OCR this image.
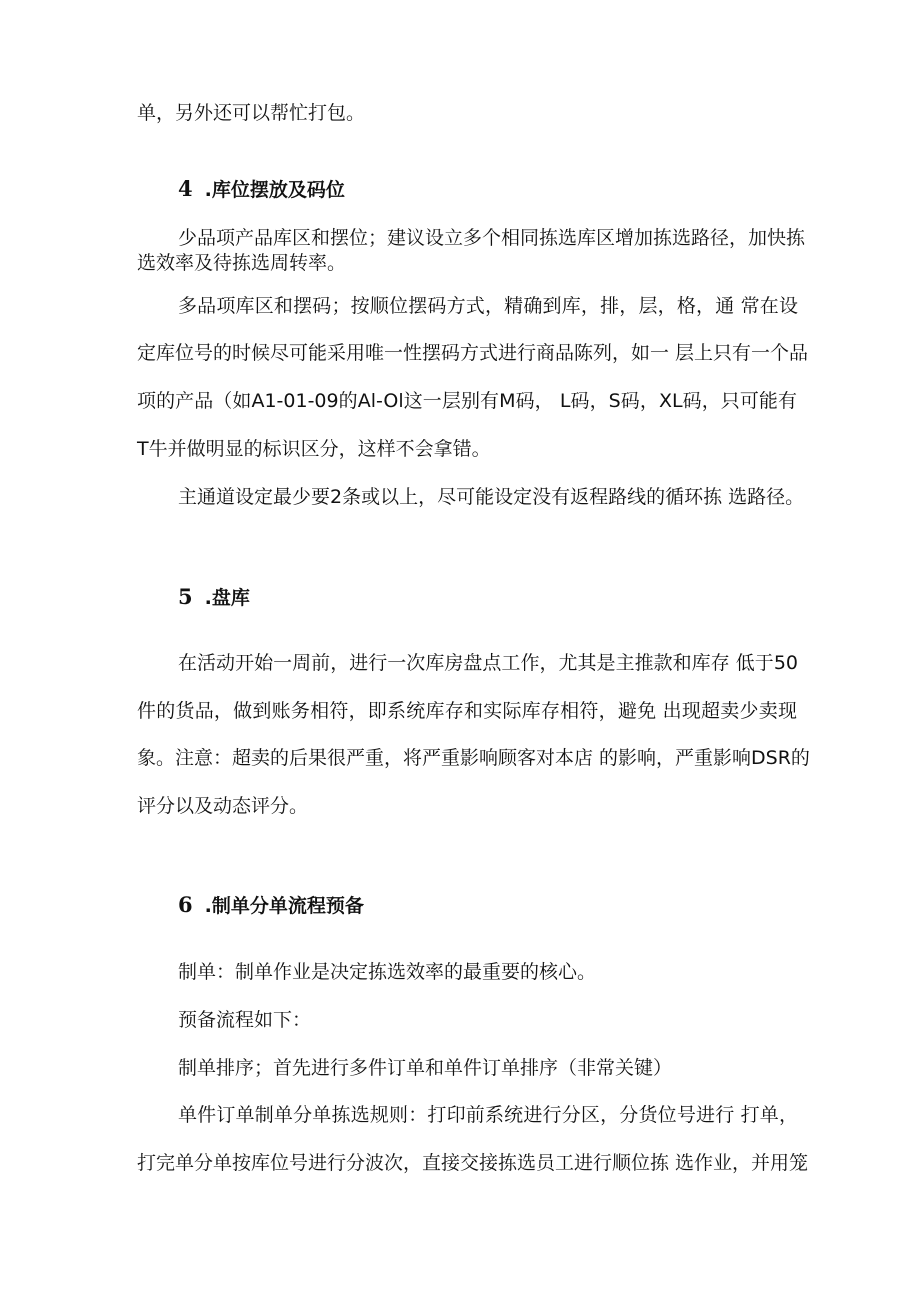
单，另外还可以帮忙打包。
4 .库位摆放及码位
少品项产品库区和摆位；建议设立多个相同拣选库区增加拣选路径，加快拣
选效率及待拣选周转率。
多品项库区和摆码；按顺位摆码方式，精确到库，排，层，格，通 常在设
定库位号的时候尽可能采用唯一性摆码方式进行商品陈列，如一 层上只有一个品
项的产品（如A1-01-09的Al-Ol这一层别有M码， L码，S码，XL码，只可能有
T牛并做明显的标识区分，这样不会拿错。
主通道设定最少要2条或以上，尽可能设定没有返程路线的循环拣 选路径。
5 .盘库
在活动开始一周前，进行一次库房盘点工作，尤其是主推款和库存 低于50
件的货品，做到账务相符，即系统库存和实际库存相符，避免 出现超卖少卖现
象。注意：超卖的后果很严重，将严重影响顾客对本店 的影响，严重影响DSR的
评分以及动态评分。
6 .制单分单流程预备
制单：制单作业是决定拣选效率的最重要的核心。
预备流程如下：
制单排序；首先进行多件订单和单件订单排序（非常关键）
单件订单制单分单拣选规则：打印前系统进行分区，分货位号进行 打单，
打完单分单按库位号进行分波次，直接交接拣选员工进行顺位拣 选作业，并用笼
